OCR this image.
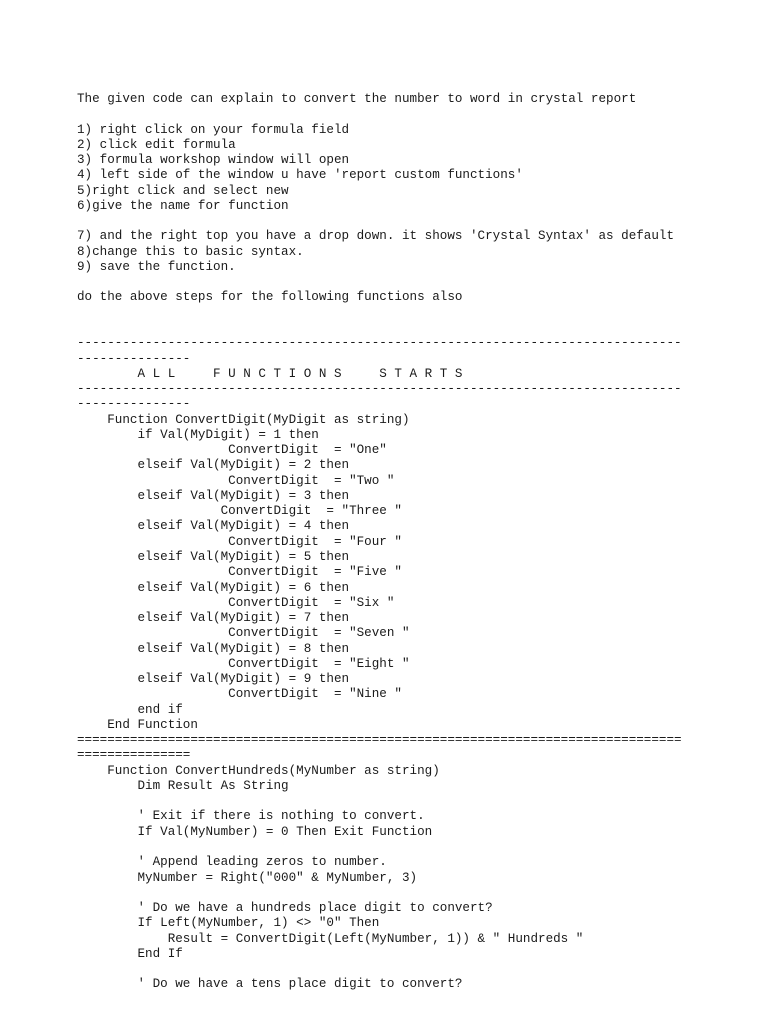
The given code can explain to convert the number to word in crystal report
1) right click on your formula field
2) click edit formula
3) formula workshop window will open
4) left side of the window u have 'report custom functions'
5)right click and select new
6)give the name for function
7) and the right top you have a drop down. it shows 'Crystal Syntax' as default
8)change this to basic syntax.
9) save the function.
do the above steps for the following functions also
--------------------------------------------------------------------------------
---------------
A L L     F U N C T I O N S     S T A R T S
--------------------------------------------------------------------------------
---------------
Function ConvertDigit(MyDigit as string)
if Val(MyDigit) = 1 then
ConvertDigit  = "One"
elseif Val(MyDigit) = 2 then
ConvertDigit  = "Two "
elseif Val(MyDigit) = 3 then
ConvertDigit  = "Three "
elseif Val(MyDigit) = 4 then
ConvertDigit  = "Four "
elseif Val(MyDigit) = 5 then
ConvertDigit  = "Five "
elseif Val(MyDigit) = 6 then
ConvertDigit  = "Six "
elseif Val(MyDigit) = 7 then
ConvertDigit  = "Seven "
elseif Val(MyDigit) = 8 then
ConvertDigit  = "Eight "
elseif Val(MyDigit) = 9 then
ConvertDigit  = "Nine "
end if
End Function
================================================================================
===============
Function ConvertHundreds(MyNumber as string)
Dim Result As String
' Exit if there is nothing to convert.
If Val(MyNumber) = 0 Then Exit Function
' Append leading zeros to number.
MyNumber = Right("000" & MyNumber, 3)
' Do we have a hundreds place digit to convert?
If Left(MyNumber, 1) <> "0" Then
Result = ConvertDigit(Left(MyNumber, 1)) & " Hundreds "
End If
' Do we have a tens place digit to convert?
